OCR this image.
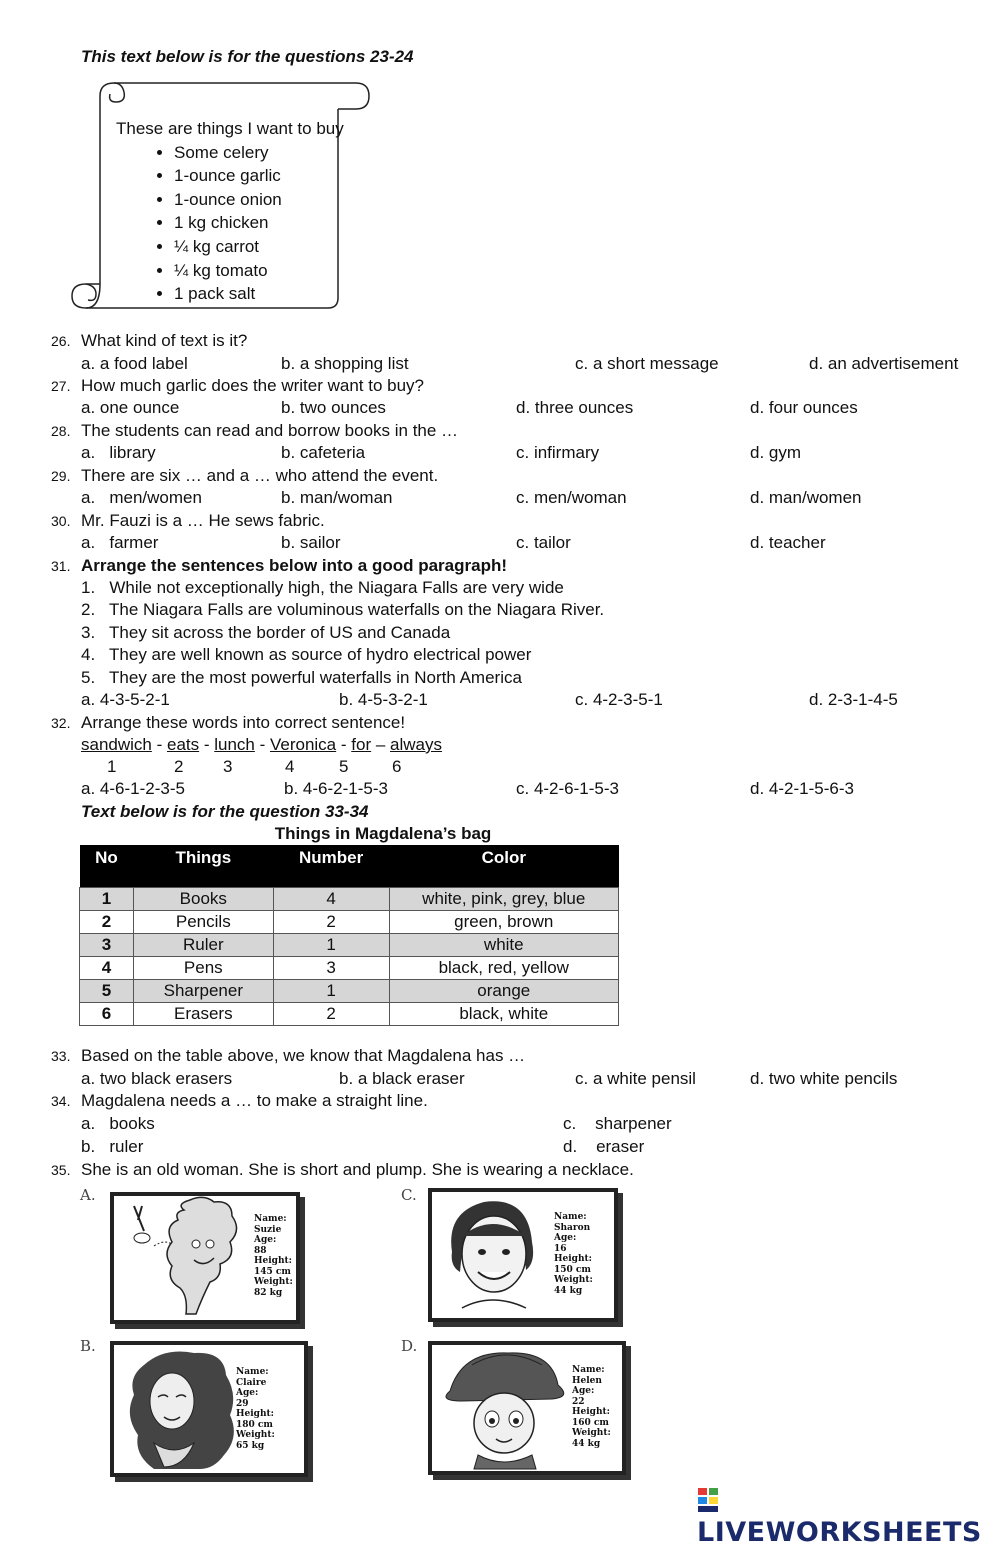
This text below is for the questions 23-24
These are things I want to buy
• Some celery
• 1-ounce garlic
• 1-ounce onion
• 1 kg chicken
• ¼ kg carrot
• ¼ kg tomato
• 1 pack salt
26. What kind of text is it?
a. a food label	b. a shopping list	c. a short message	d. an advertisement
27. How much garlic does the writer want to buy?
a. one ounce	b. two ounces	d. three ounces	d. four ounces
28. The students can read and borrow books in the …
a.   library	b. cafeteria	c. infirmary	d. gym
29. There are six … and a … who attend the event.
a.   men/women	b. man/woman	c. men/woman	d. man/women
30. Mr. Fauzi is a … He sews fabric.
a.   farmer	b. sailor	c. tailor	d. teacher
31. Arrange the sentences below into a good paragraph!
1.   While not exceptionally high, the Niagara Falls are very wide
2.   The Niagara Falls are voluminous waterfalls on the Niagara River.
3.   They sit across the border of US and Canada
4.   They are well known as source of hydro electrical power
5.   They are the most powerful waterfalls in North America
a. 4-3-5-2-1	b. 4-5-3-2-1	c. 4-2-3-5-1	d. 2-3-1-4-5
32. Arrange these words into correct sentence!
sandwich - eats - lunch - Veronica - for – always
1	2 3	4	5	6
a. 4-6-1-2-3-5	b. 4-6-2-1-5-3	c. 4-2-6-1-5-3	d. 4-2-1-5-6-3
Text below is for the question 33-34
Things in Magdalena’s bag
No	Things	Number	Color
1	Books	4	white, pink, grey, blue
2	Pencils	2	green, brown
3	Ruler	1	white
4	Pens	3	black, red, yellow
5	Sharpener	1	orange
6	Erasers	2	black, white
33. Based on the table above, we know that Magdalena has …
a. two black erasers	b. a black eraser	c. a white pensil	d. two white pencils
34. Magdalena needs a … to make a straight line.
a.   books	c.    sharpener
b.   ruler	d.    eraser
35. She is an old woman. She is short and plump. She is wearing a necklace.
A.
B.
C.
D.
Name:
Suzie
Age:
88
Height:
145 cm
Weight:
82 kg
Name:
Sharon
Age:
16
Height:
150 cm
Weight:
44 kg
Name:
Claire
Age:
29
Height:
180 cm
Weight:
65 kg
Name:
Helen
Age:
22
Height:
160 cm
Weight:
44 kg
LIVEWORKSHEETS
